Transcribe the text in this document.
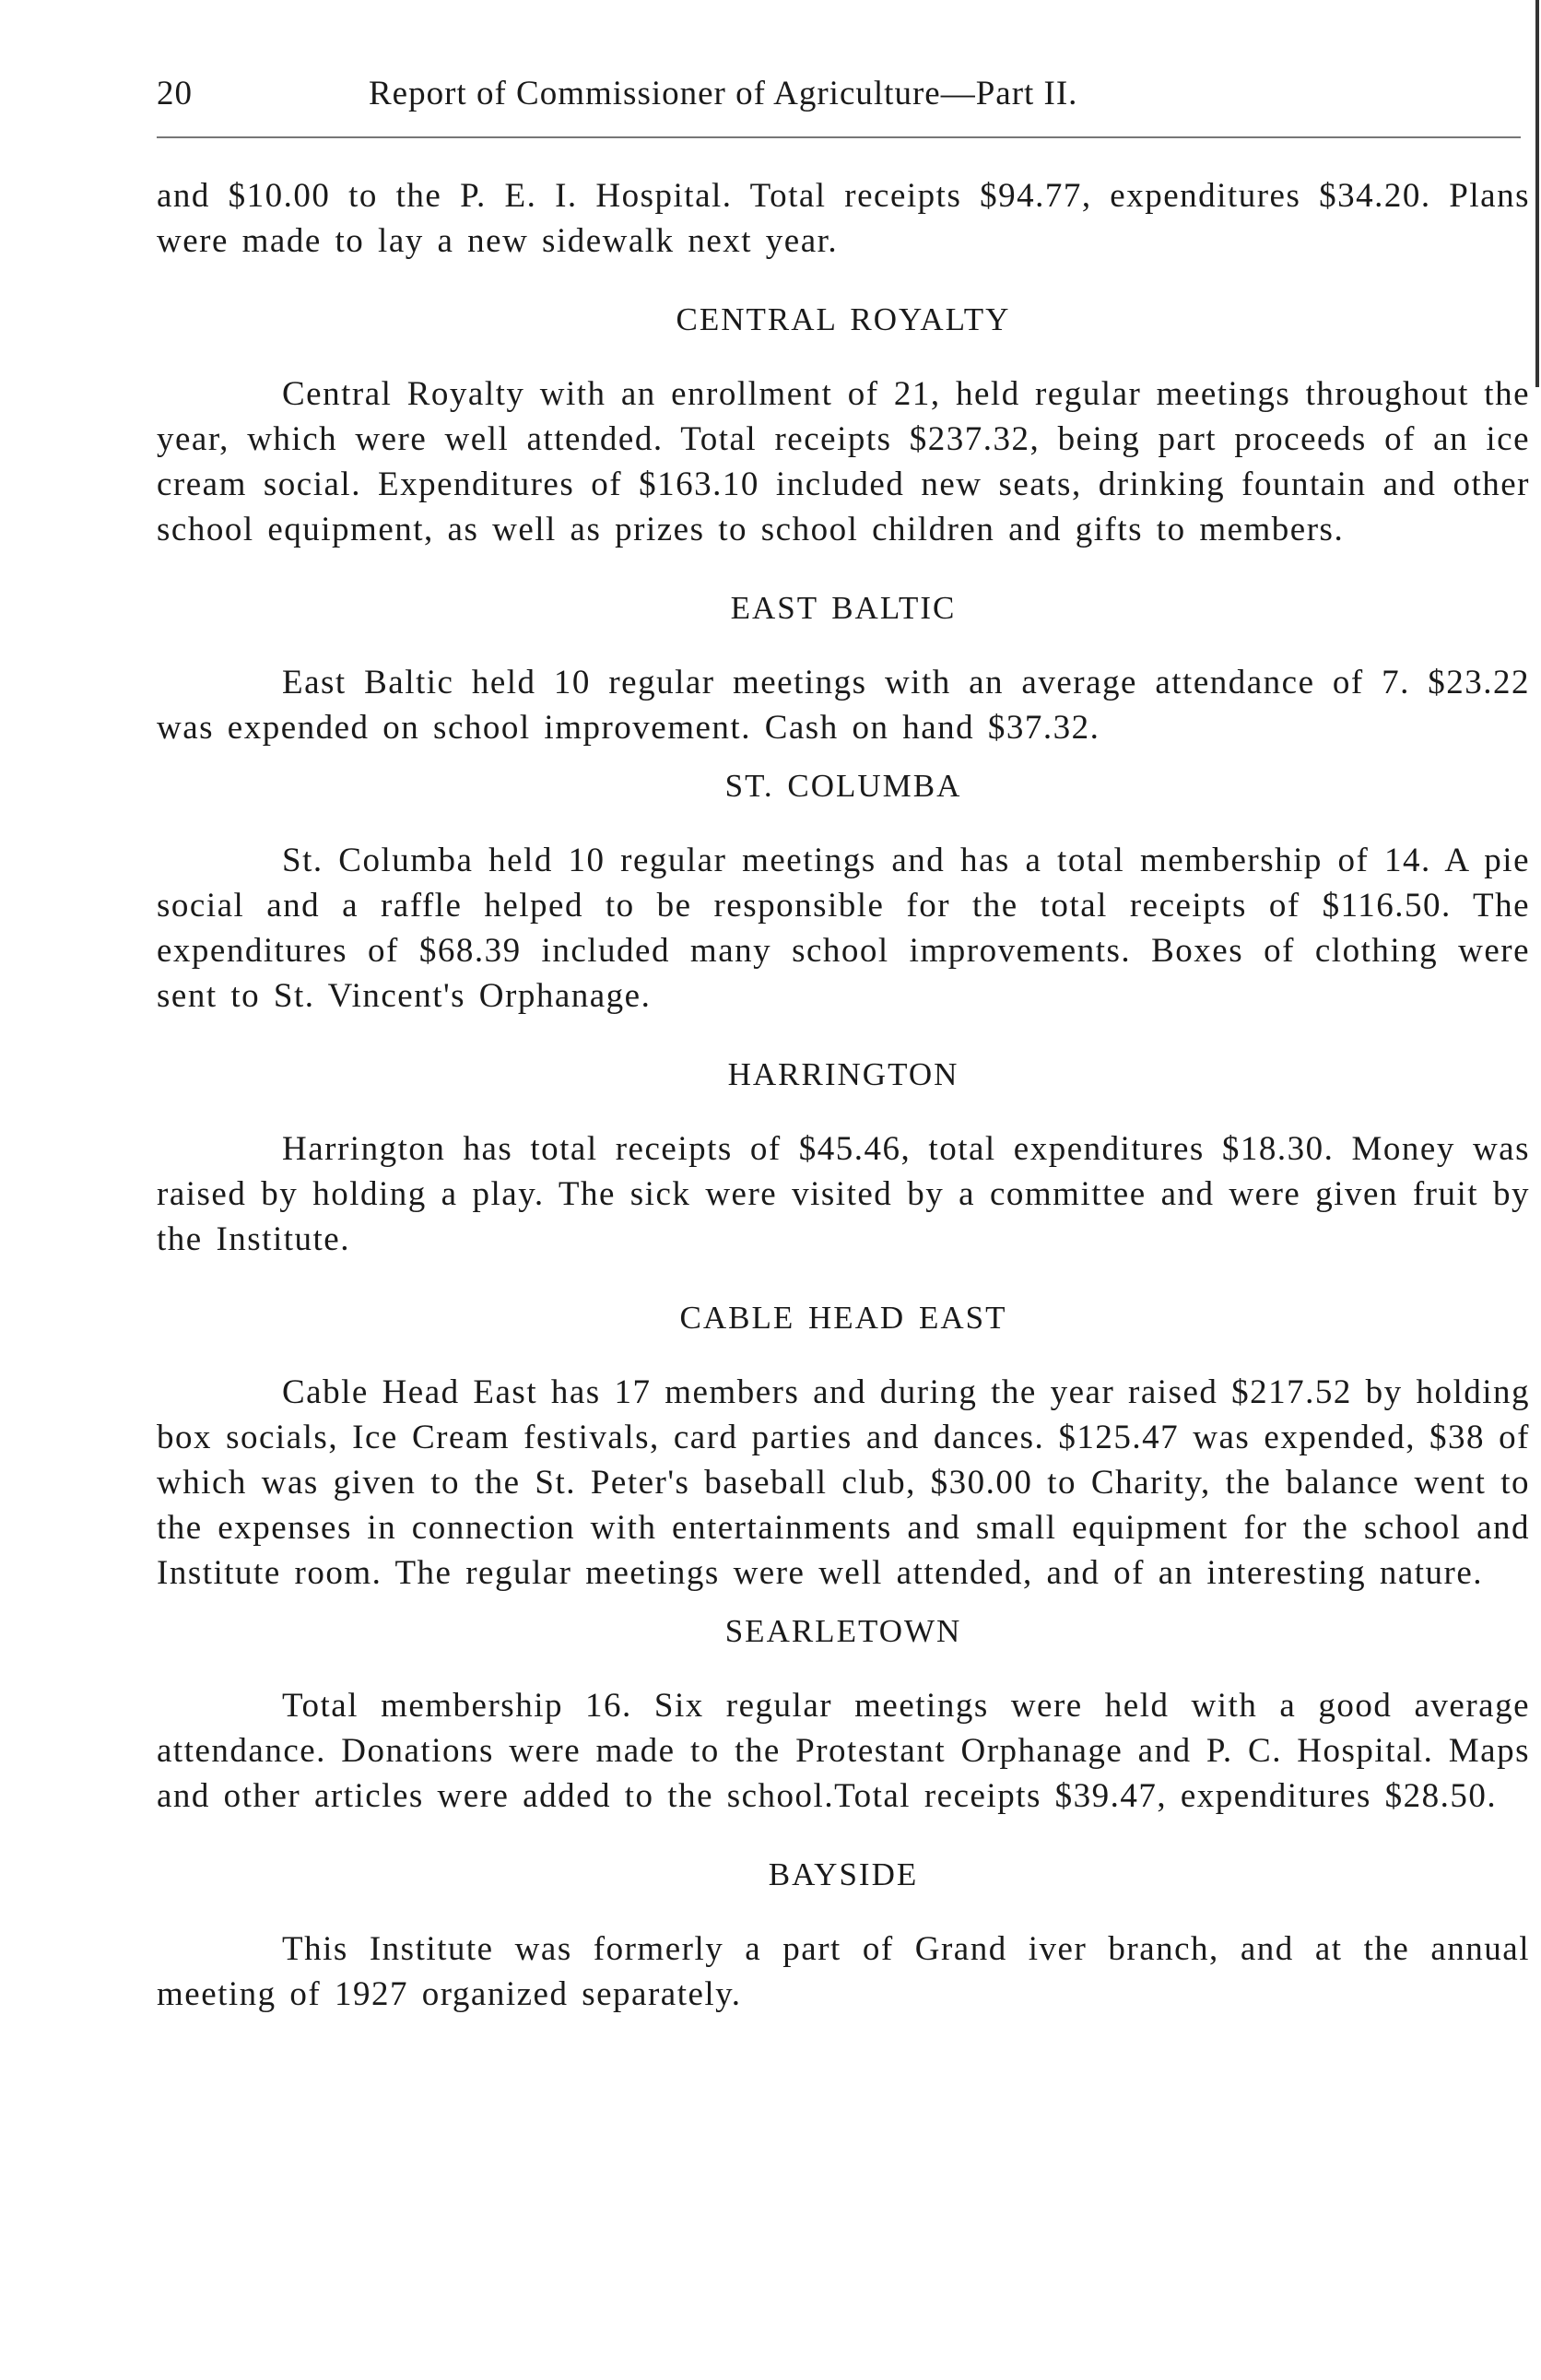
20	Report of Commissioner of Agriculture—Part II.

and $10.00 to the P. E. I. Hospital. Total receipts $94.77, expenditures $34.20. Plans were made to lay a new sidewalk next year.

CENTRAL ROYALTY

Central Royalty with an enrollment of 21, held regular meetings throughout the year, which were well attended. Total receipts $237.32, being part proceeds of an ice cream social. Expenditures of $163.10 included new seats, drinking fountain and other school equipment, as well as prizes to school children and gifts to members.

EAST BALTIC

East Baltic held 10 regular meetings with an average attendance of 7. $23.22 was expended on school improvement. Cash on hand $37.32.

ST. COLUMBA

St. Columba held 10 regular meetings and has a total membership of 14. A pie social and a raffle helped to be responsible for the total receipts of $116.50. The expenditures of $68.39 included many school improvements. Boxes of clothing were sent to St. Vincent's Orphanage.

HARRINGTON

Harrington has total receipts of $45.46, total expenditures $18.30. Money was raised by holding a play. The sick were visited by a committee and were given fruit by the Institute.

CABLE HEAD EAST

Cable Head East has 17 members and during the year raised $217.52 by holding box socials, Ice Cream festivals, card parties and dances. $125.47 was expended, $38 of which was given to the St. Peter's baseball club, $30.00 to Charity, the balance went to the expenses in connection with entertainments and small equipment for the school and Institute room. The regular meetings were well attended, and of an interesting nature.

SEARLETOWN

Total membership 16. Six regular meetings were held with a good average attendance. Donations were made to the Protestant Orphanage and P. C. Hospital. Maps and other articles were added to the school.Total receipts $39.47, expenditures $28.50.

BAYSIDE

This Institute was formerly a part of Grand iver branch, and at the annual meeting of 1927 organized separately.
